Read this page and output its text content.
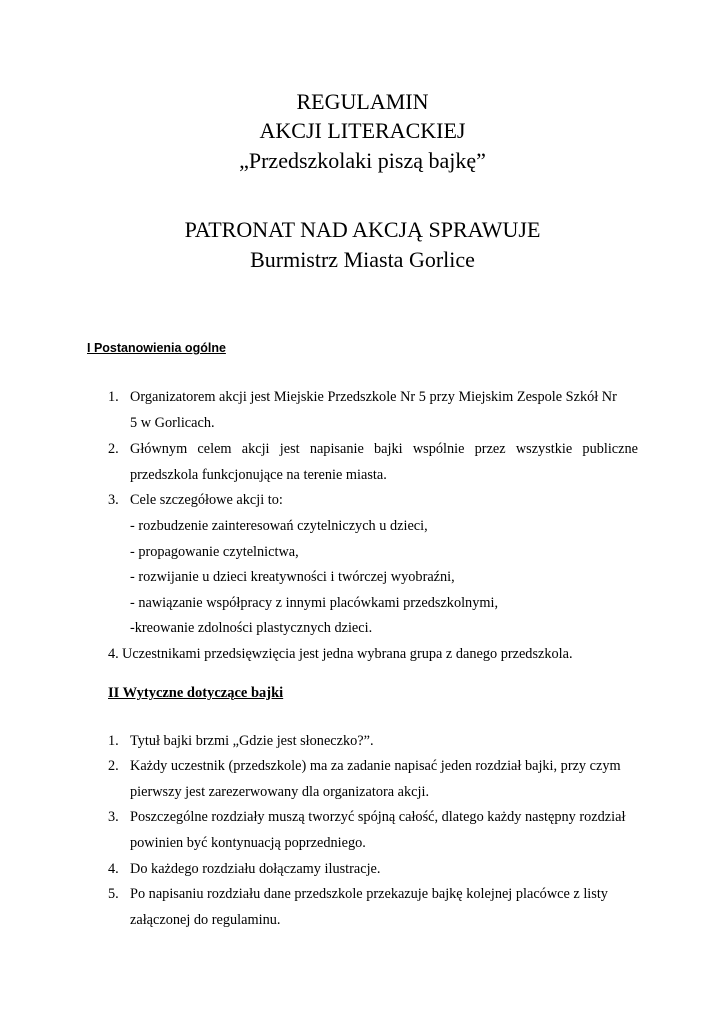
REGULAMIN
AKCJI LITERACKIEJ
„Przedszkolaki piszą bajkę”
PATRONAT NAD AKCJĄ SPRAWUJE
Burmistrz Miasta Gorlice
I Postanowienia ogólne
1. Organizatorem akcji jest Miejskie Przedszkole Nr 5 przy Miejskim Zespole Szkół Nr
5 w Gorlicach.
2. Głównym celem akcji jest napisanie bajki wspólnie przez wszystkie publiczne
przedszkola funkcjonujące na terenie miasta.
3. Cele szczegółowe akcji to:
- rozbudzenie zainteresowań czytelniczych u dzieci,
- propagowanie czytelnictwa,
- rozwijanie u dzieci kreatywności i twórczej wyobraźni,
- nawiązanie współpracy z innymi placówkami przedszkolnymi,
-kreowanie zdolności plastycznych dzieci.
4. Uczestnikami przedsięwzięcia jest jedna wybrana grupa z danego przedszkola.
II Wytyczne dotyczące bajki
1. Tytuł bajki brzmi „Gdzie jest słoneczko?”.
2. Każdy uczestnik (przedszkole) ma za zadanie napisać jeden rozdział bajki, przy czym
pierwszy jest zarezerwowany dla organizatora akcji.
3. Poszczególne rozdziały muszą tworzyć spójną całość, dlatego każdy następny rozdział
powinien być kontynuacją poprzedniego.
4. Do każdego rozdziału dołączamy ilustracje.
5. Po napisaniu rozdziału dane przedszkole przekazuje bajkę kolejnej placówce z listy
załączonej do regulaminu.
